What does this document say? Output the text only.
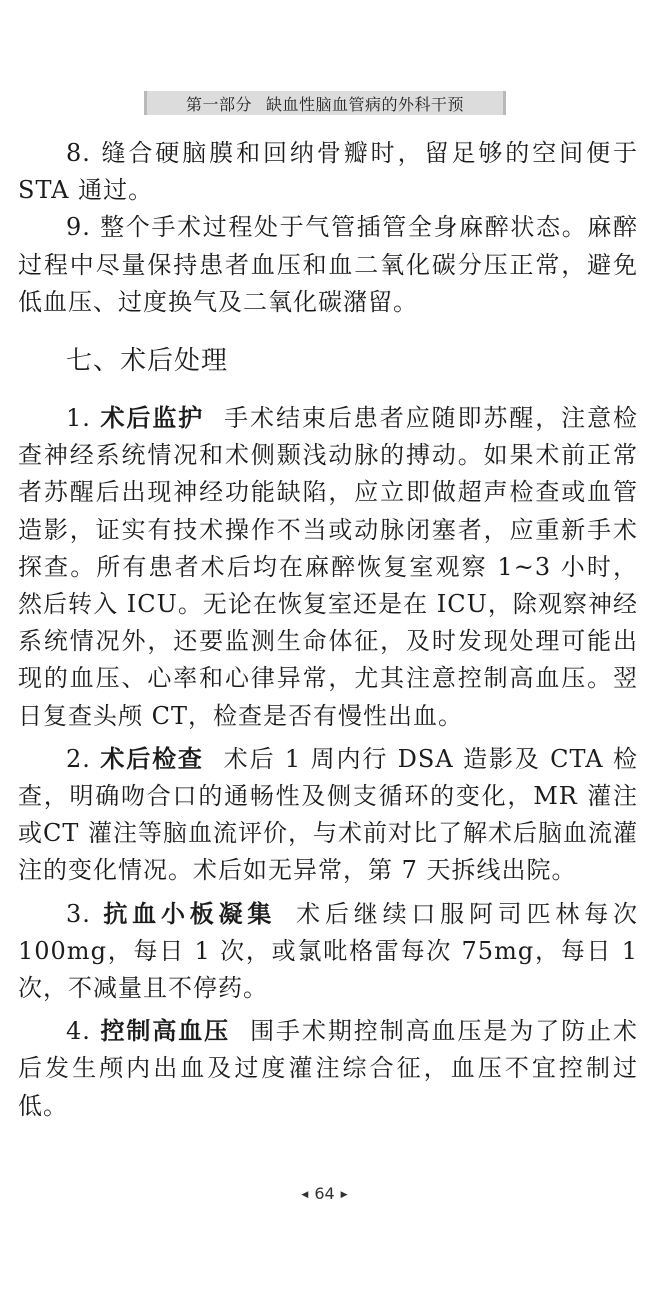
第一部分 缺血性脑血管病的外科干预

8. 缝合硬脑膜和回纳骨瓣时，留足够的空间便于STA 通过。

9. 整个手术过程处于气管插管全身麻醉状态。麻醉过程中尽量保持患者血压和血二氧化碳分压正常，避免低血压、过度换气及二氧化碳潴留。

七、术后处理

1. 术后监护 手术结束后患者应随即苏醒，注意检查神经系统情况和术侧颞浅动脉的搏动。如果术前正常者苏醒后出现神经功能缺陷，应立即做超声检查或血管造影，证实有技术操作不当或动脉闭塞者，应重新手术探查。所有患者术后均在麻醉恢复室观察 1~3 小时，然后转入 ICU。无论在恢复室还是在 ICU，除观察神经系统情况外，还要监测生命体征，及时发现处理可能出现的血压、心率和心律异常，尤其注意控制高血压。翌日复查头颅 CT，检查是否有慢性出血。

2. 术后检查 术后 1 周内行 DSA 造影及 CTA 检查，明确吻合口的通畅性及侧支循环的变化，MR 灌注或CT 灌注等脑血流评价，与术前对比了解术后脑血流灌注的变化情况。术后如无异常，第 7 天拆线出院。

3. 抗血小板凝集 术后继续口服阿司匹林每次100mg，每日 1 次，或氯吡格雷每次 75mg，每日 1 次，不减量且不停药。

4. 控制高血压 围手术期控制高血压是为了防止术后发生颅内出血及过度灌注综合征，血压不宜控制过低。

◀ 64 ▶
